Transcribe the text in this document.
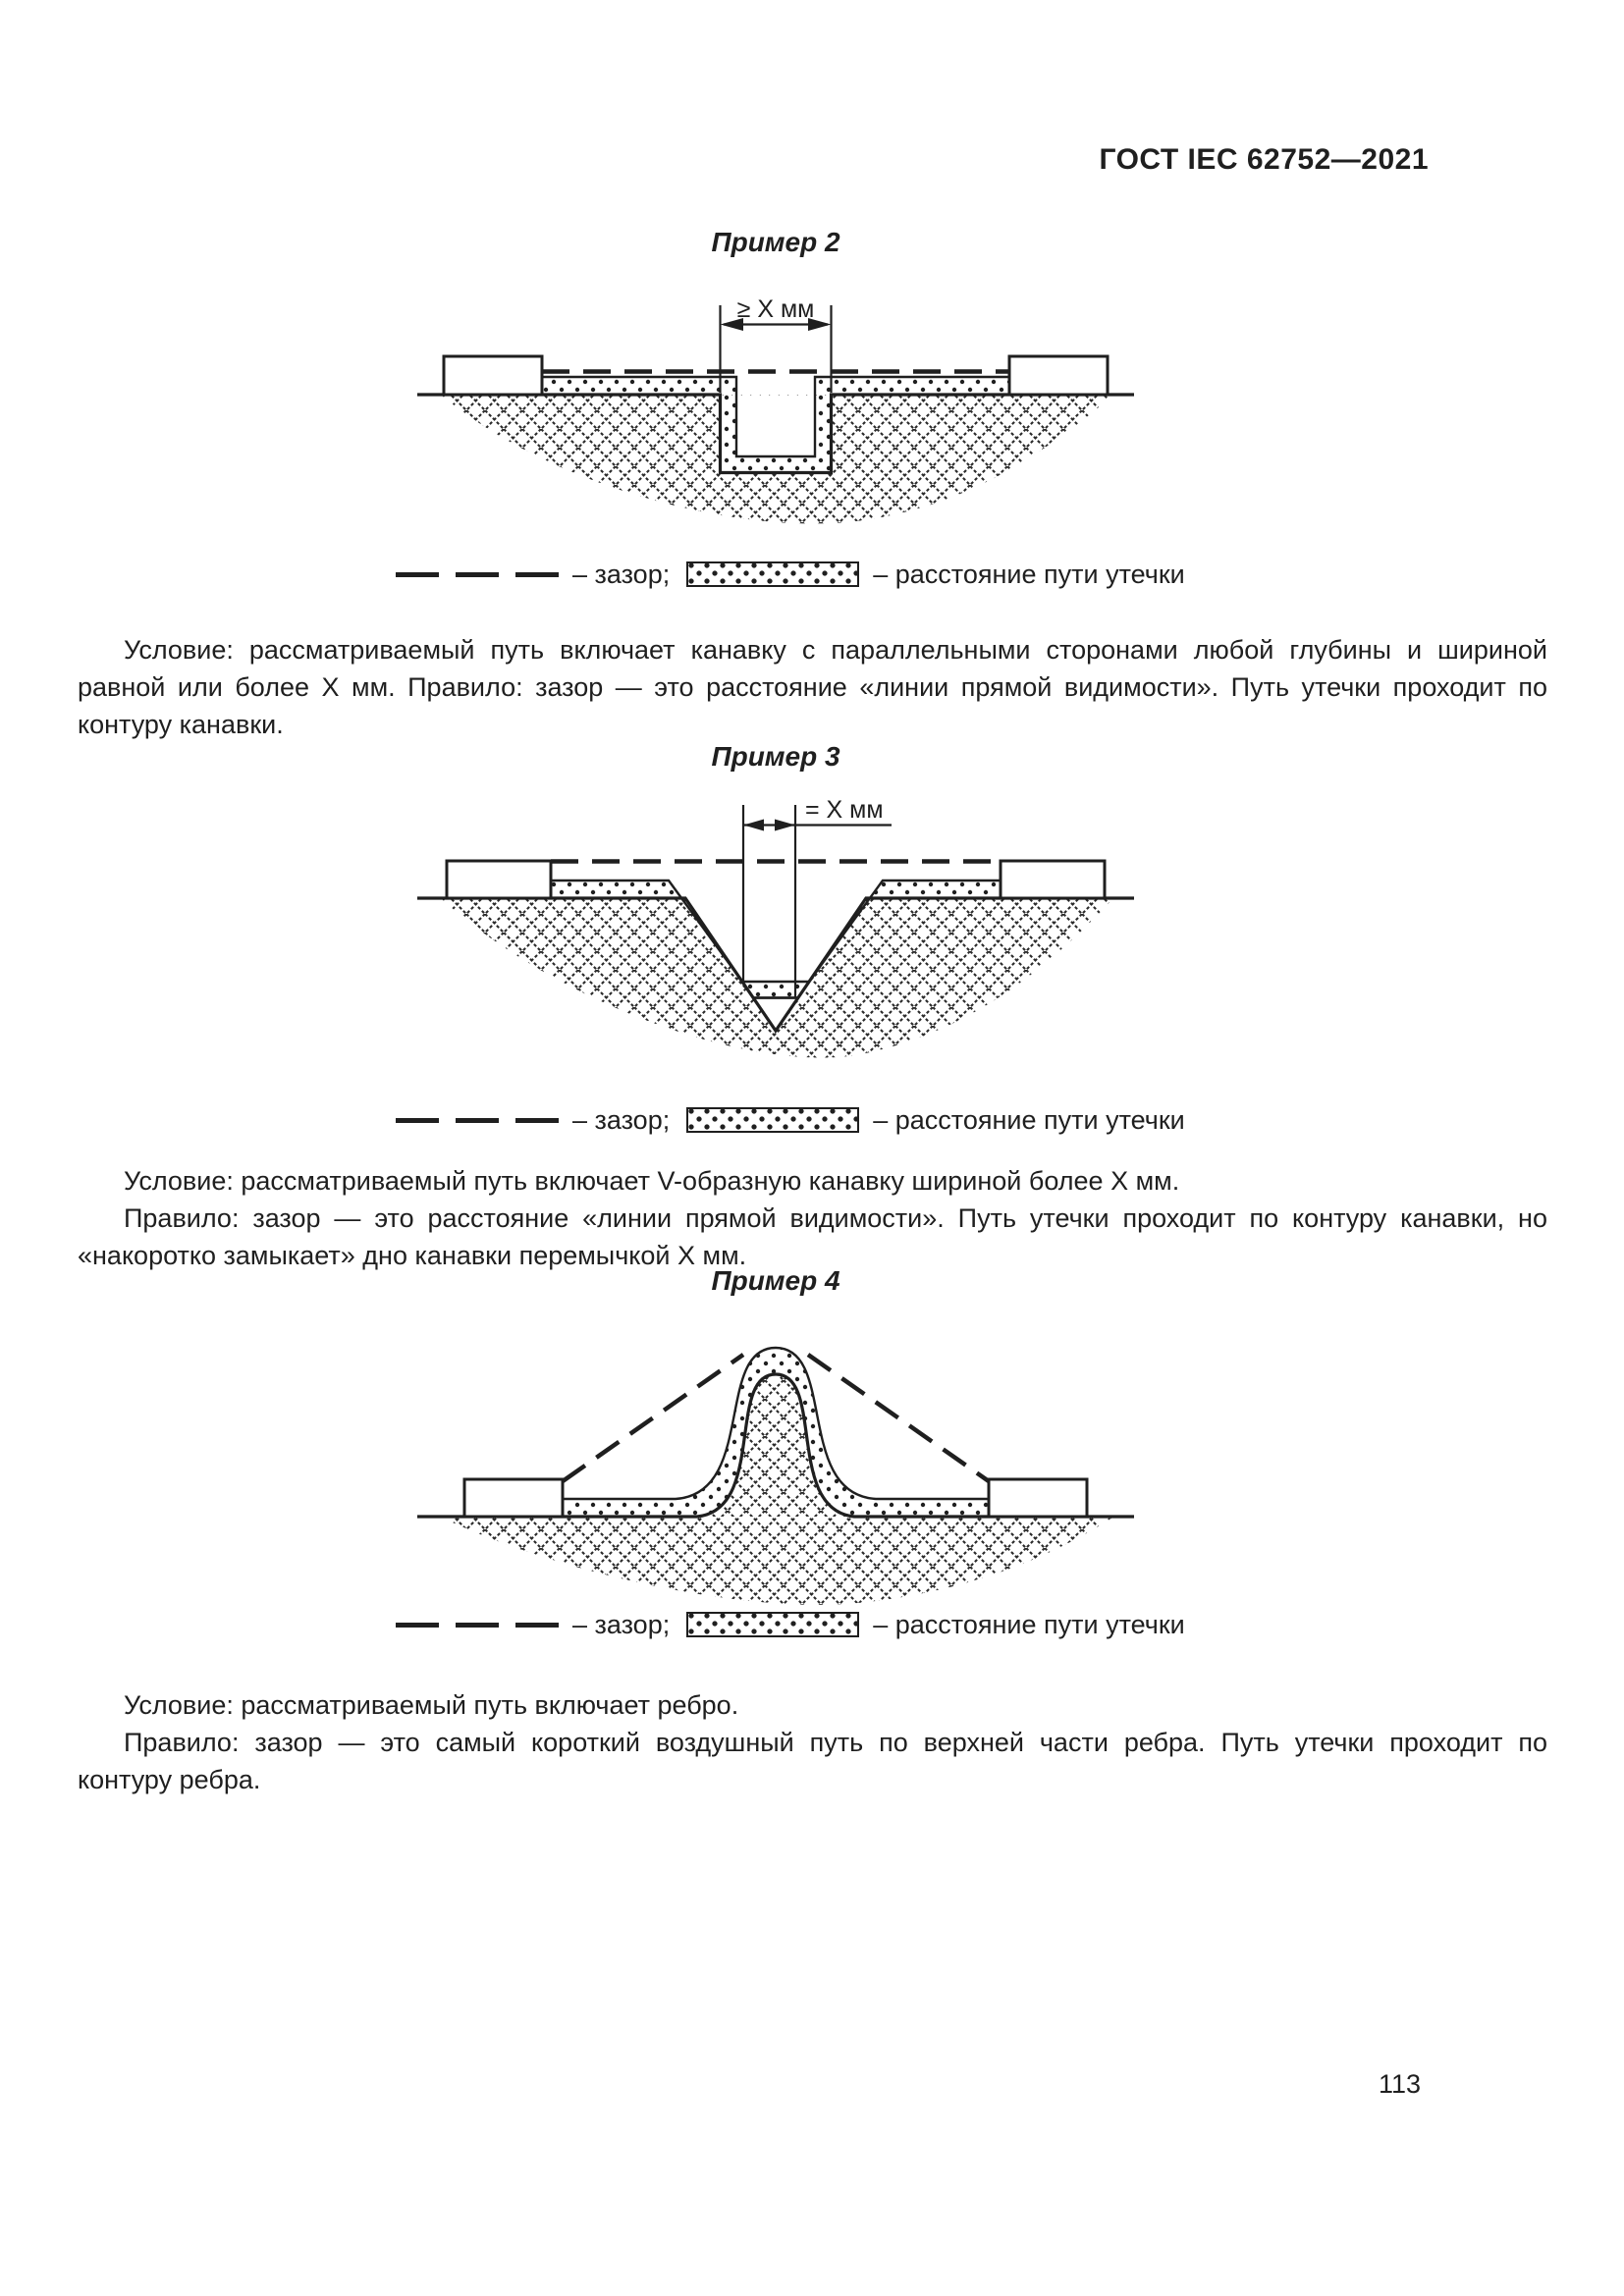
ГОСТ IEC 62752—2021
Пример 2
≥ X мм
– зазор;	– расстояние пути утечки
Условие: рассматриваемый путь включает канавку с параллельными сторонами любой глубины и шириной
равной или более X мм. Правило: зазор — это расстояние «линии прямой видимости». Путь утечки проходит по
контуру канавки.
Пример 3
= X мм
– зазор;	– расстояние пути утечки
Условие: рассматриваемый путь включает V-образную канавку шириной более X мм.
Правило: зазор — это расстояние «линии прямой видимости». Путь утечки проходит по контуру канавки, но
«накоротко замыкает» дно канавки перемычкой X мм.
Пример 4
– зазор;	– расстояние пути утечки
Условие: рассматриваемый путь включает ребро.
Правило: зазор — это самый короткий воздушный путь по верхней части ребра. Путь утечки проходит по
контуру ребра.
113
